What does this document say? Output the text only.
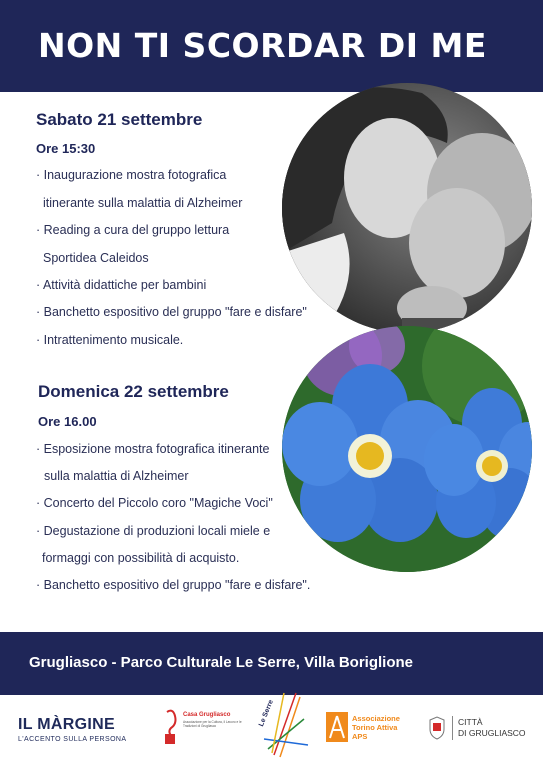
NON TI SCORDAR DI ME
Sabato 21 settembre
Ore 15:30
· Inaugurazione mostra fotografica
itinerante sulla malattia di Alzheimer
· Reading a cura del gruppo lettura
Sportidea Caleidos
· Attività didattiche per bambini
· Banchetto espositivo del gruppo "fare e disfare"
· Intrattenimento musicale.
Domenica 22 settembre
Ore 16.00
· Esposizione mostra fotografica itinerante
sulla malattia di Alzheimer
· Concerto del Piccolo coro "Magiche Voci"
· Degustazione di produzioni locali miele e
formaggi con possibilità di acquisto.
· Banchetto espositivo del gruppo "fare e disfare".
Grugliasco - Parco Culturale Le Serre, Villa Boriglione
IL MÀRGINE
L'ACCENTO SULLA PERSONA
Casa Grugliasco
Associazione per la Cultura, il Lavoro e le Tradizioni di Grugliasco	Le Serre	Associazione
Torino Attiva
APS
CITTÀ
DI GRUGLIASCO
